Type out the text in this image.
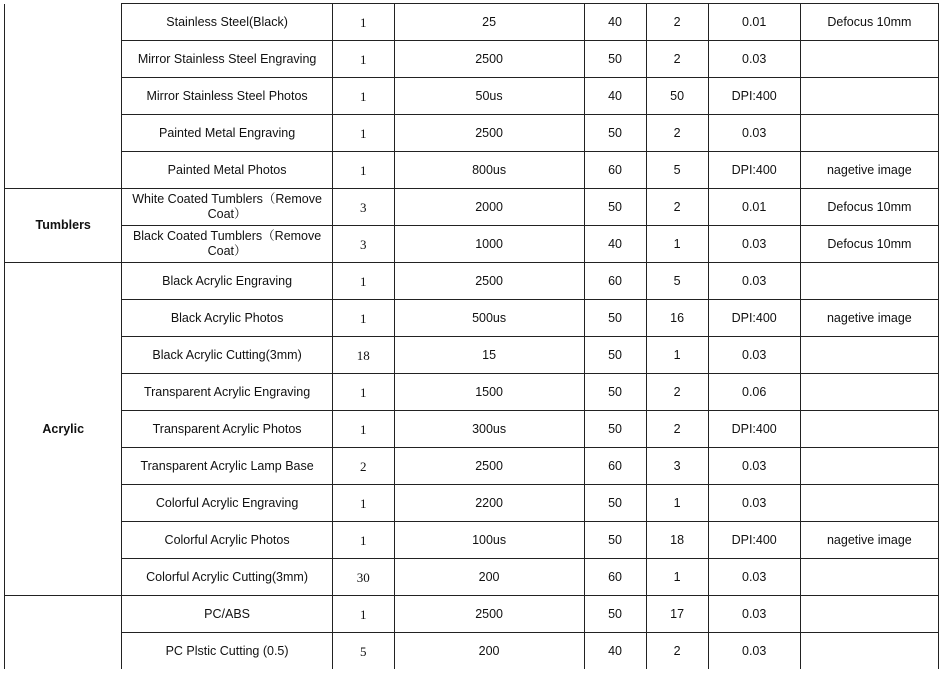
	Stainless Steel(Black)	1	25	40	2	0.01	Defocus 10mm
	Mirror Stainless Steel Engraving	1	2500	50	2	0.03	
	Mirror Stainless Steel Photos	1	50us	40	50	DPI:400	
	Painted Metal Engraving	1	2500	50	2	0.03	
	Painted Metal Photos	1	800us	60	5	DPI:400	nagetive image
Tumblers	White Coated Tumblers（Remove Coat）	3	2000	50	2	0.01	Defocus 10mm
	Black Coated Tumblers（Remove Coat）	3	1000	40	1	0.03	Defocus 10mm
Acrylic	Black Acrylic Engraving	1	2500	60	5	0.03	
	Black Acrylic Photos	1	500us	50	16	DPI:400	nagetive image
	Black Acrylic Cutting(3mm)	18	15	50	1	0.03	
	Transparent Acrylic Engraving	1	1500	50	2	0.06	
	Transparent Acrylic Photos	1	300us	50	2	DPI:400	
	Transparent Acrylic Lamp Base	2	2500	60	3	0.03	
	Colorful Acrylic Engraving	1	2200	50	1	0.03	
	Colorful Acrylic Photos	1	100us	50	18	DPI:400	nagetive image
	Colorful Acrylic Cutting(3mm)	30	200	60	1	0.03	
	PC/ABS	1	2500	50	17	0.03	
	PC Plstic Cutting (0.5)	5	200	40	2	0.03	
